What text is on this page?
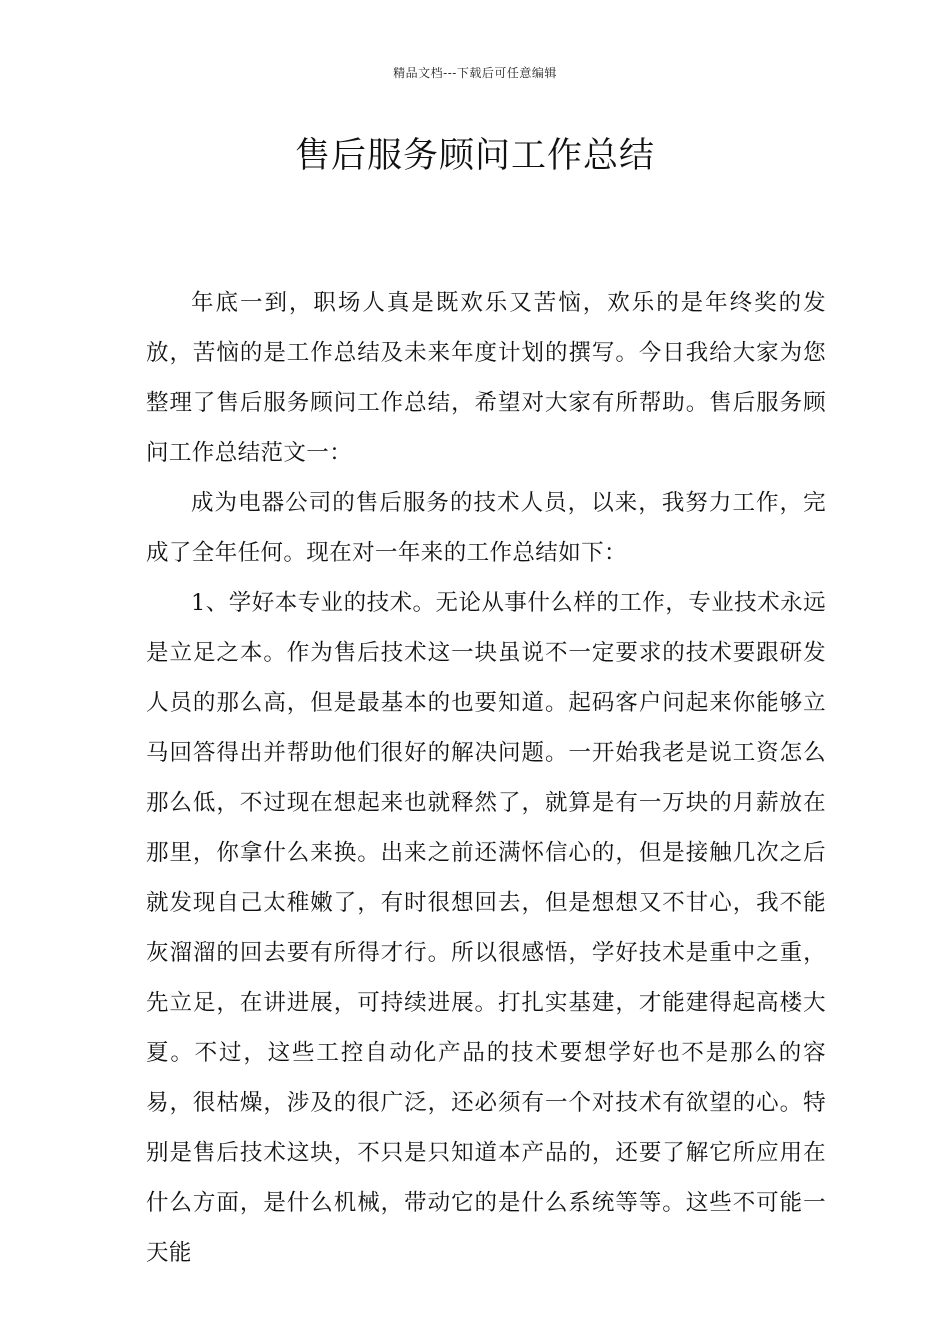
精品文档---下载后可任意编辑
售后服务顾问工作总结

年底一到，职场人真是既欢乐又苦恼，欢乐的是年终奖的发放，苦恼的是工作总结及未来年度计划的撰写。今日我给大家为您整理了售后服务顾问工作总结，希望对大家有所帮助。售后服务顾问工作总结范文一：

成为电器公司的售后服务的技术人员，以来，我努力工作，完成了全年任何。现在对一年来的工作总结如下：

1、学好本专业的技术。无论从事什么样的工作，专业技术永远是立足之本。作为售后技术这一块虽说不一定要求的技术要跟研发人员的那么高，但是最基本的也要知道。起码客户问起来你能够立马回答得出并帮助他们很好的解决问题。一开始我老是说工资怎么那么低，不过现在想起来也就释然了，就算是有一万块的月薪放在那里，你拿什么来换。出来之前还满怀信心的，但是接触几次之后就发现自己太稚嫩了，有时很想回去，但是想想又不甘心，我不能灰溜溜的回去要有所得才行。所以很感悟，学好技术是重中之重，先立足，在讲进展，可持续进展。打扎实基建，才能建得起高楼大夏。不过，这些工控自动化产品的技术要想学好也不是那么的容易，很枯燥，涉及的很广泛，还必须有一个对技术有欲望的心。特别是售后技术这块，不只是只知道本产品的，还要了解它所应用在什么方面，是什么机械，带动它的是什么系统等等。这些不可能一天能
